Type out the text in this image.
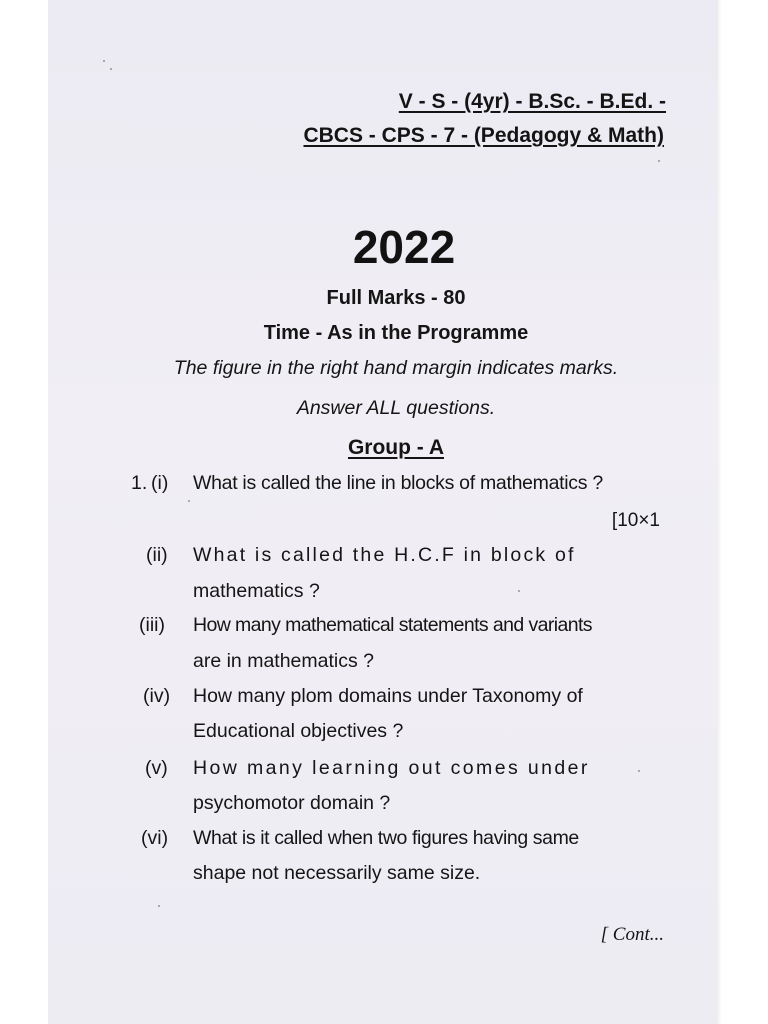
V - S - (4yr) - B.Sc. - B.Ed. -
CBCS - CPS - 7 - (Pedagogy & Math)
2022
Full Marks - 80
Time - As in the Programme
The figure in the right hand margin indicates marks.
Answer ALL questions.
Group - A
1. (i) What is called the line in blocks of mathematics ?
[10×1
(ii) What is called the H.C.F in block of
mathematics ?
(iii) How many mathematical statements and variants
are in mathematics ?
(iv) How many plom domains under Taxonomy of
Educational objectives ?
(v) How many learning out comes under
psychomotor domain ?
(vi) What is it called when two figures having same
shape not necessarily same size.
[ Cont...
